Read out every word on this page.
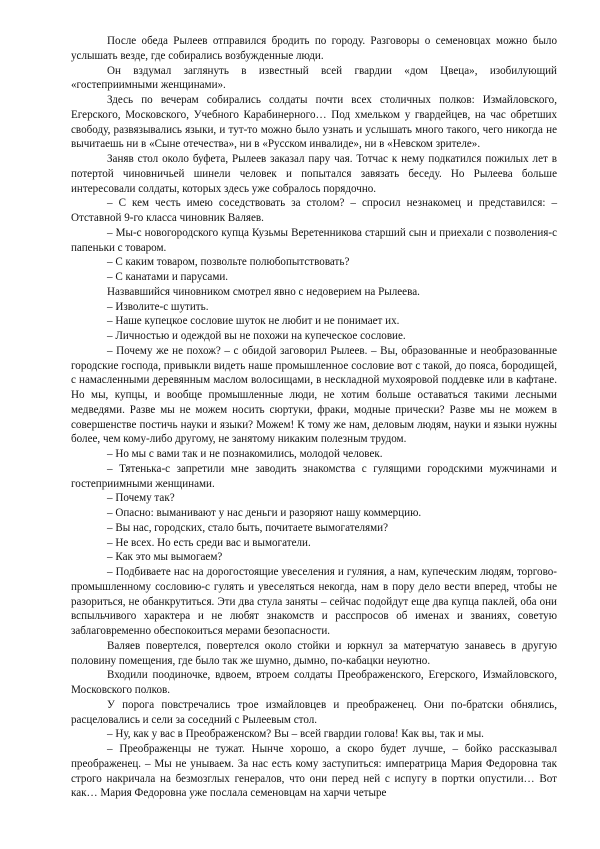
После обеда Рылеев отправился бродить по городу. Разговоры о семеновцах можно было услышать везде, где собирались возбужденные люди.

Он вздумал заглянуть в известный всей гвардии «дом Цвеца», изобилующий «гостеприимными женщинами».

Здесь по вечерам собирались солдаты почти всех столичных полков: Измайловского, Егерского, Московского, Учебного Карабинерного… Под хмельком у гвардейцев, на час обретших свободу, развязывались языки, и тут-то можно было узнать и услышать много такого, чего никогда не вычитаешь ни в «Сыне отечества», ни в «Русском инвалиде», ни в «Невском зрителе».

Заняв стол около буфета, Рылеев заказал пару чая. Тотчас к нему подкатился пожилых лет в потертой чиновничьей шинели человек и попытался завязать беседу. Но Рылеева больше интересовали солдаты, которых здесь уже собралось порядочно.

– С кем честь имею соседствовать за столом? – спросил незнакомец и представился: – Отставной 9-го класса чиновник Валяев.

– Мы-с новогородского купца Кузьмы Веретенникова старший сын и приехали с позволения-с папеньки с товаром.

– С каким товаром, позвольте полюбопытствовать?

– С канатами и парусами.

Назвавшийся чиновником смотрел явно с недоверием на Рылеева.

– Изволите-с шутить.

– Наше купецкое сословие шуток не любит и не понимает их.

– Личностью и одеждой вы не похожи на купеческое сословие.

– Почему же не похож? – с обидой заговорил Рылеев. – Вы, образованные и необразованные городские господа, привыкли видеть наше промышленное сословие вот с такой, до пояса, бородищей, с намасленными деревянным маслом волосищами, в нескладной мухояровой поддевке или в кафтане. Но мы, купцы, и вообще промышленные люди, не хотим больше оставаться такими лесными медведями. Разве мы не можем носить сюртуки, фраки, модные прически? Разве мы не можем в совершенстве постичь науки и языки? Можем! К тому же нам, деловым людям, науки и языки нужны более, чем кому-либо другому, не занятому никаким полезным трудом.

– Но мы с вами так и не познакомились, молодой человек.

– Тятенька-с запретили мне заводить знакомства с гулящими городскими мужчинами и гостеприимными женщинами.

– Почему так?

– Опасно: выманивают у нас деньги и разоряют нашу коммерцию.

– Вы нас, городских, стало быть, почитаете вымогателями?

– Не всех. Но есть среди вас и вымогатели.

– Как это мы вымогаем?

– Подбиваете нас на дорогостоящие увеселения и гуляния, а нам, купеческим людям, торгово-промышленному сословию-с гулять и увеселяться некогда, нам в пору дело вести вперед, чтобы не разориться, не обанкрутиться. Эти два стула заняты – сейчас подойдут еще два купца паклей, оба они вспыльчивого характера и не любят знакомств и расспросов об именах и званиях, советую заблаговременно обеспокоиться мерами безопасности.

Валяев повертелся, повертелся около стойки и юркнул за матерчатую занавесь в другую половину помещения, где было так же шумно, дымно, по-кабацки неуютно.

Входили поодиночке, вдвоем, втроем солдаты Преображенского, Егерского, Измайловского, Московского полков.

У порога повстречались трое измайловцев и преображенец. Они по-братски обнялись, расцеловались и сели за соседний с Рылеевым стол.

– Ну, как у вас в Преображенском? Вы – всей гвардии голова! Как вы, так и мы.

– Преображенцы не тужат. Нынче хорошо, а скоро будет лучше, – бойко рассказывал преображенец. – Мы не унываем. За нас есть кому заступиться: императрица Мария Федоровна так строго накричала на безмозглых генералов, что они перед ней с испугу в портки опустили… Вот как… Мария Федоровна уже послала семеновцам на харчи четыре
